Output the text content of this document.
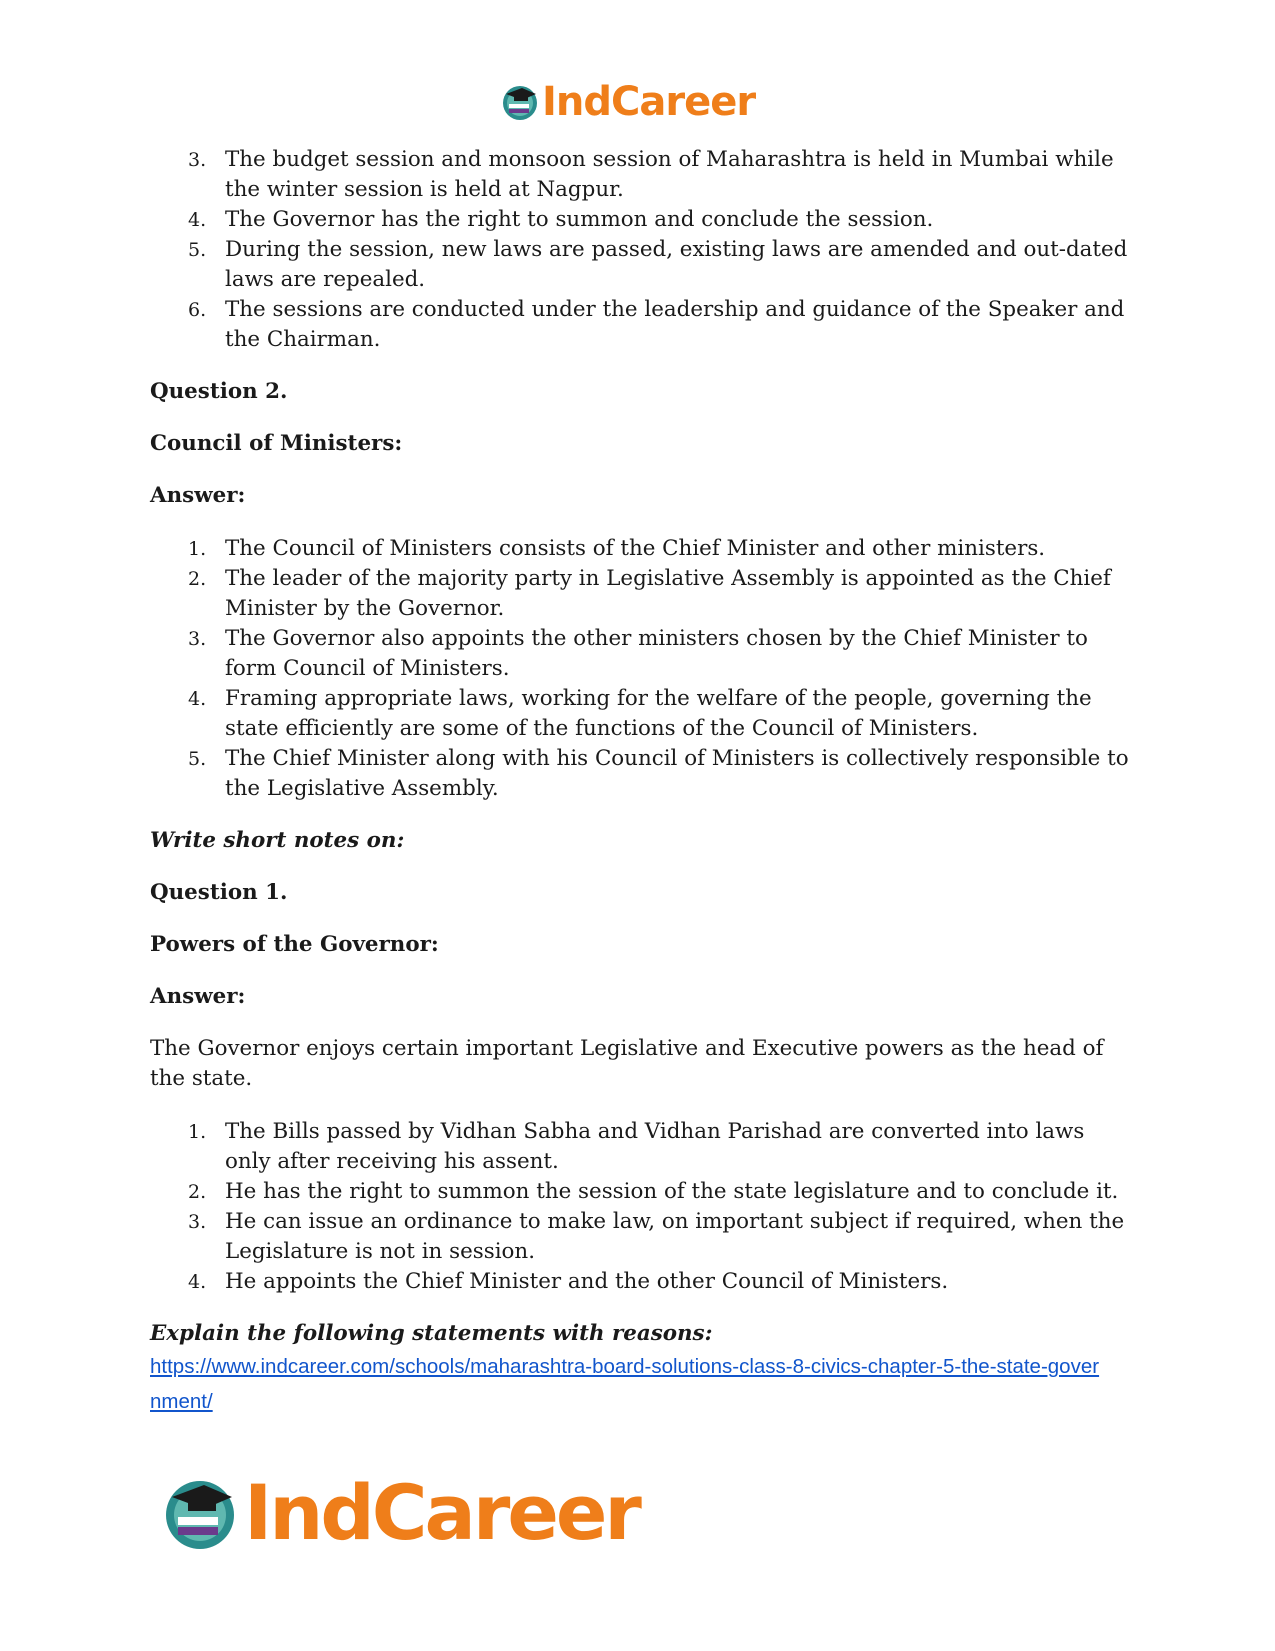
IndCareer
3. The budget session and monsoon session of Maharashtra is held in Mumbai while the winter session is held at Nagpur.
4. The Governor has the right to summon and conclude the session.
5. During the session, new laws are passed, existing laws are amended and out-dated laws are repealed.
6. The sessions are conducted under the leadership and guidance of the Speaker and the Chairman.

Question 2.

Council of Ministers:

Answer:

1. The Council of Ministers consists of the Chief Minister and other ministers.
2. The leader of the majority party in Legislative Assembly is appointed as the Chief Minister by the Governor.
3. The Governor also appoints the other ministers chosen by the Chief Minister to form Council of Ministers.
4. Framing appropriate laws, working for the welfare of the people, governing the state efficiently are some of the functions of the Council of Ministers.
5. The Chief Minister along with his Council of Ministers is collectively responsible to the Legislative Assembly.

Write short notes on:

Question 1.

Powers of the Governor:

Answer:

The Governor enjoys certain important Legislative and Executive powers as the head of the state.

1. The Bills passed by Vidhan Sabha and Vidhan Parishad are converted into laws only after receiving his assent.
2. He has the right to summon the session of the state legislature and to conclude it.
3. He can issue an ordinance to make law, on important subject if required, when the Legislature is not in session.
4. He appoints the Chief Minister and the other Council of Ministers.

Explain the following statements with reasons:

https://www.indcareer.com/schools/maharashtra-board-solutions-class-8-civics-chapter-5-the-state-government/
IndCareer
